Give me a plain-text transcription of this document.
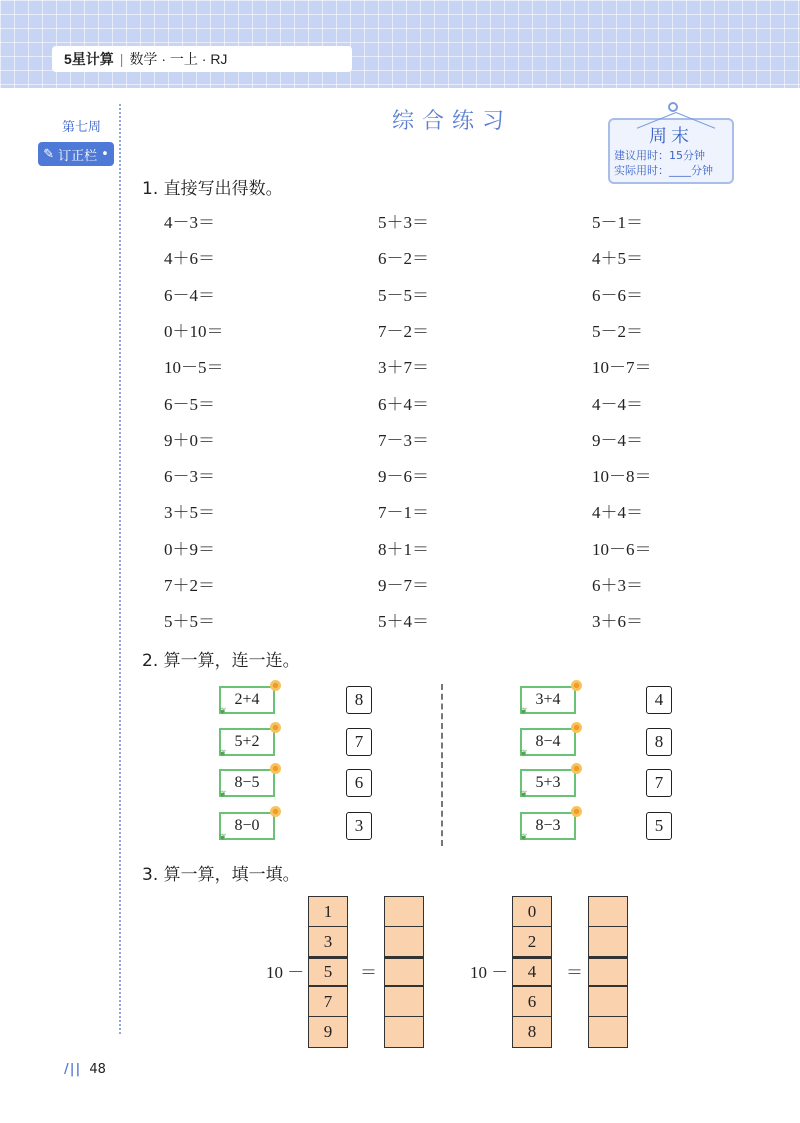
5星计算 | 数学 · 一上 · RJ
第七周
✎ 订正栏 •
综合练习
周末
建议用时：15分钟
实际用时：____分钟
1. 直接写出得数。
4－3＝
4＋6＝
6－4＝
0＋10＝
10－5＝
6－5＝
9＋0＝
6－3＝
3＋5＝
0＋9＝
7＋2＝
5＋5＝
5＋3＝
6－2＝
5－5＝
7－2＝
3＋7＝
6＋4＝
7－3＝
9－6＝
7－1＝
8＋1＝
9－7＝
5＋4＝
5－1＝
4＋5＝
6－6＝
5－2＝
10－7＝
4－4＝
9－4＝
10－8＝
4＋4＝
10－6＝
6＋3＝
3＋6＝
2. 算一算，连一连。
2+4
❦
8
5+2
❦
7
8−5
❦
6
8−0
❦
3
3+4
❦
4
8−4
❦
8
5+3
❦
7
8−3
❦
5
3. 算一算，填一填。
10 －
1
3
5
7
9
＝	10 －
0
2
4
6
8
＝
/|| 48
